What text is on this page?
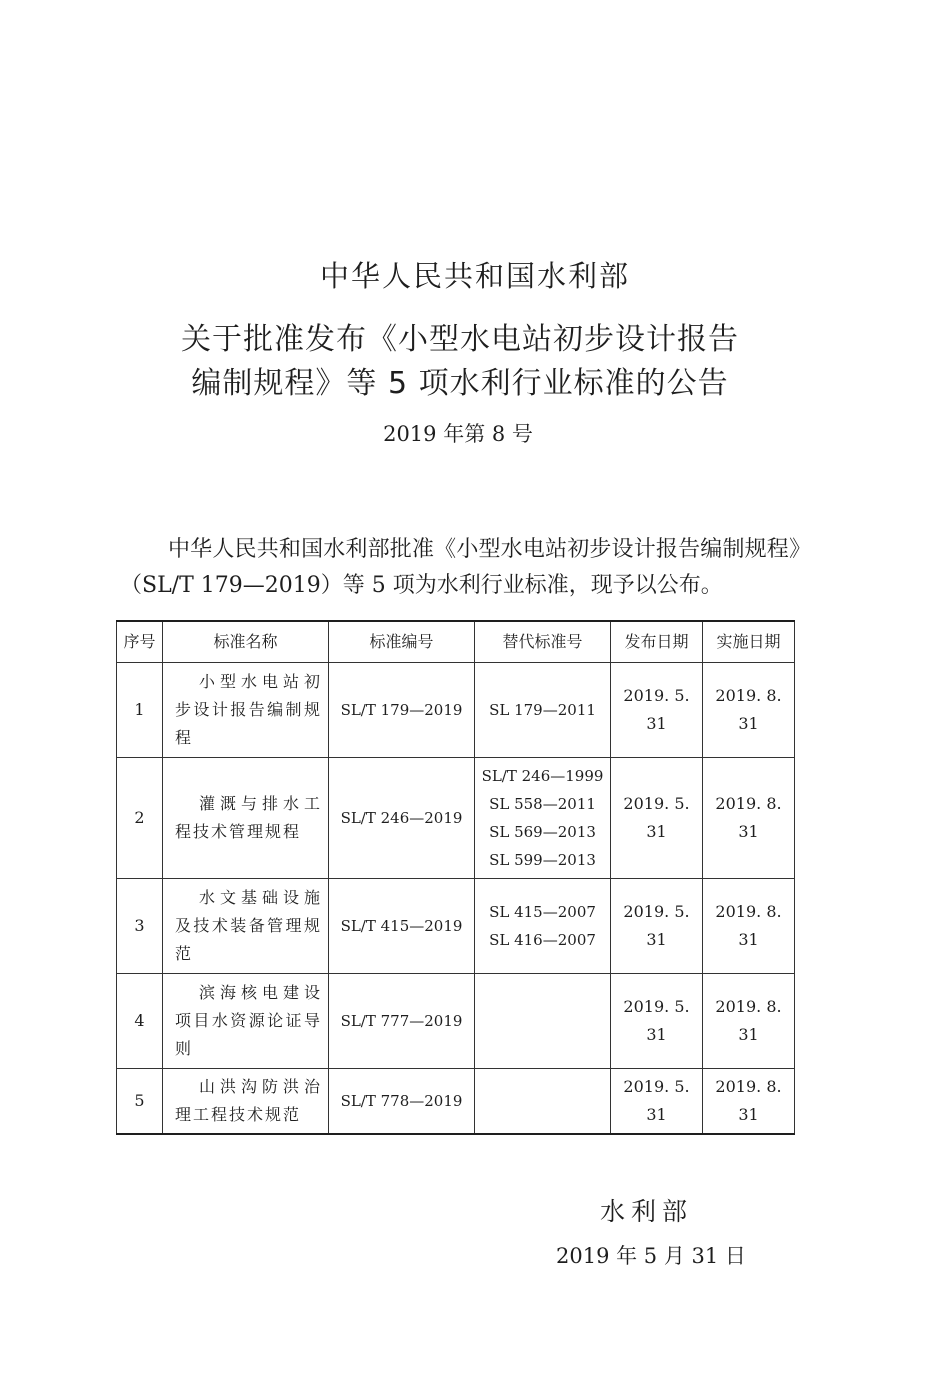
中华人民共和国水利部
关于批准发布《小型水电站初步设计报告
编制规程》等 5 项水利行业标准的公告
2019 年第 8 号

中华人民共和国水利部批准《小型水电站初步设计报告编制规程》（SL/T 179—2019）等 5 项为水利行业标准，现予以公布。

序号	标准名称	标准编号	替代标准号	发布日期	实施日期
1	小型水电站初步设计报告编制规程	SL/T 179—2019	SL 179—2011	2019. 5. 31	2019. 8. 31
2	灌溉与排水工程技术管理规程	SL/T 246—2019	SL/T 246—1999
SL 558—2011
SL 569—2013
SL 599—2013	2019. 5. 31	2019. 8. 31
3	水文基础设施及技术装备管理规范	SL/T 415—2019	SL 415—2007
SL 416—2007	2019. 5. 31	2019. 8. 31
4	滨海核电建设项目水资源论证导则	SL/T 777—2019		2019. 5. 31	2019. 8. 31
5	山洪沟防洪治理工程技术规范	SL/T 778—2019		2019. 5. 31	2019. 8. 31
水利部
2019 年 5 月 31 日
